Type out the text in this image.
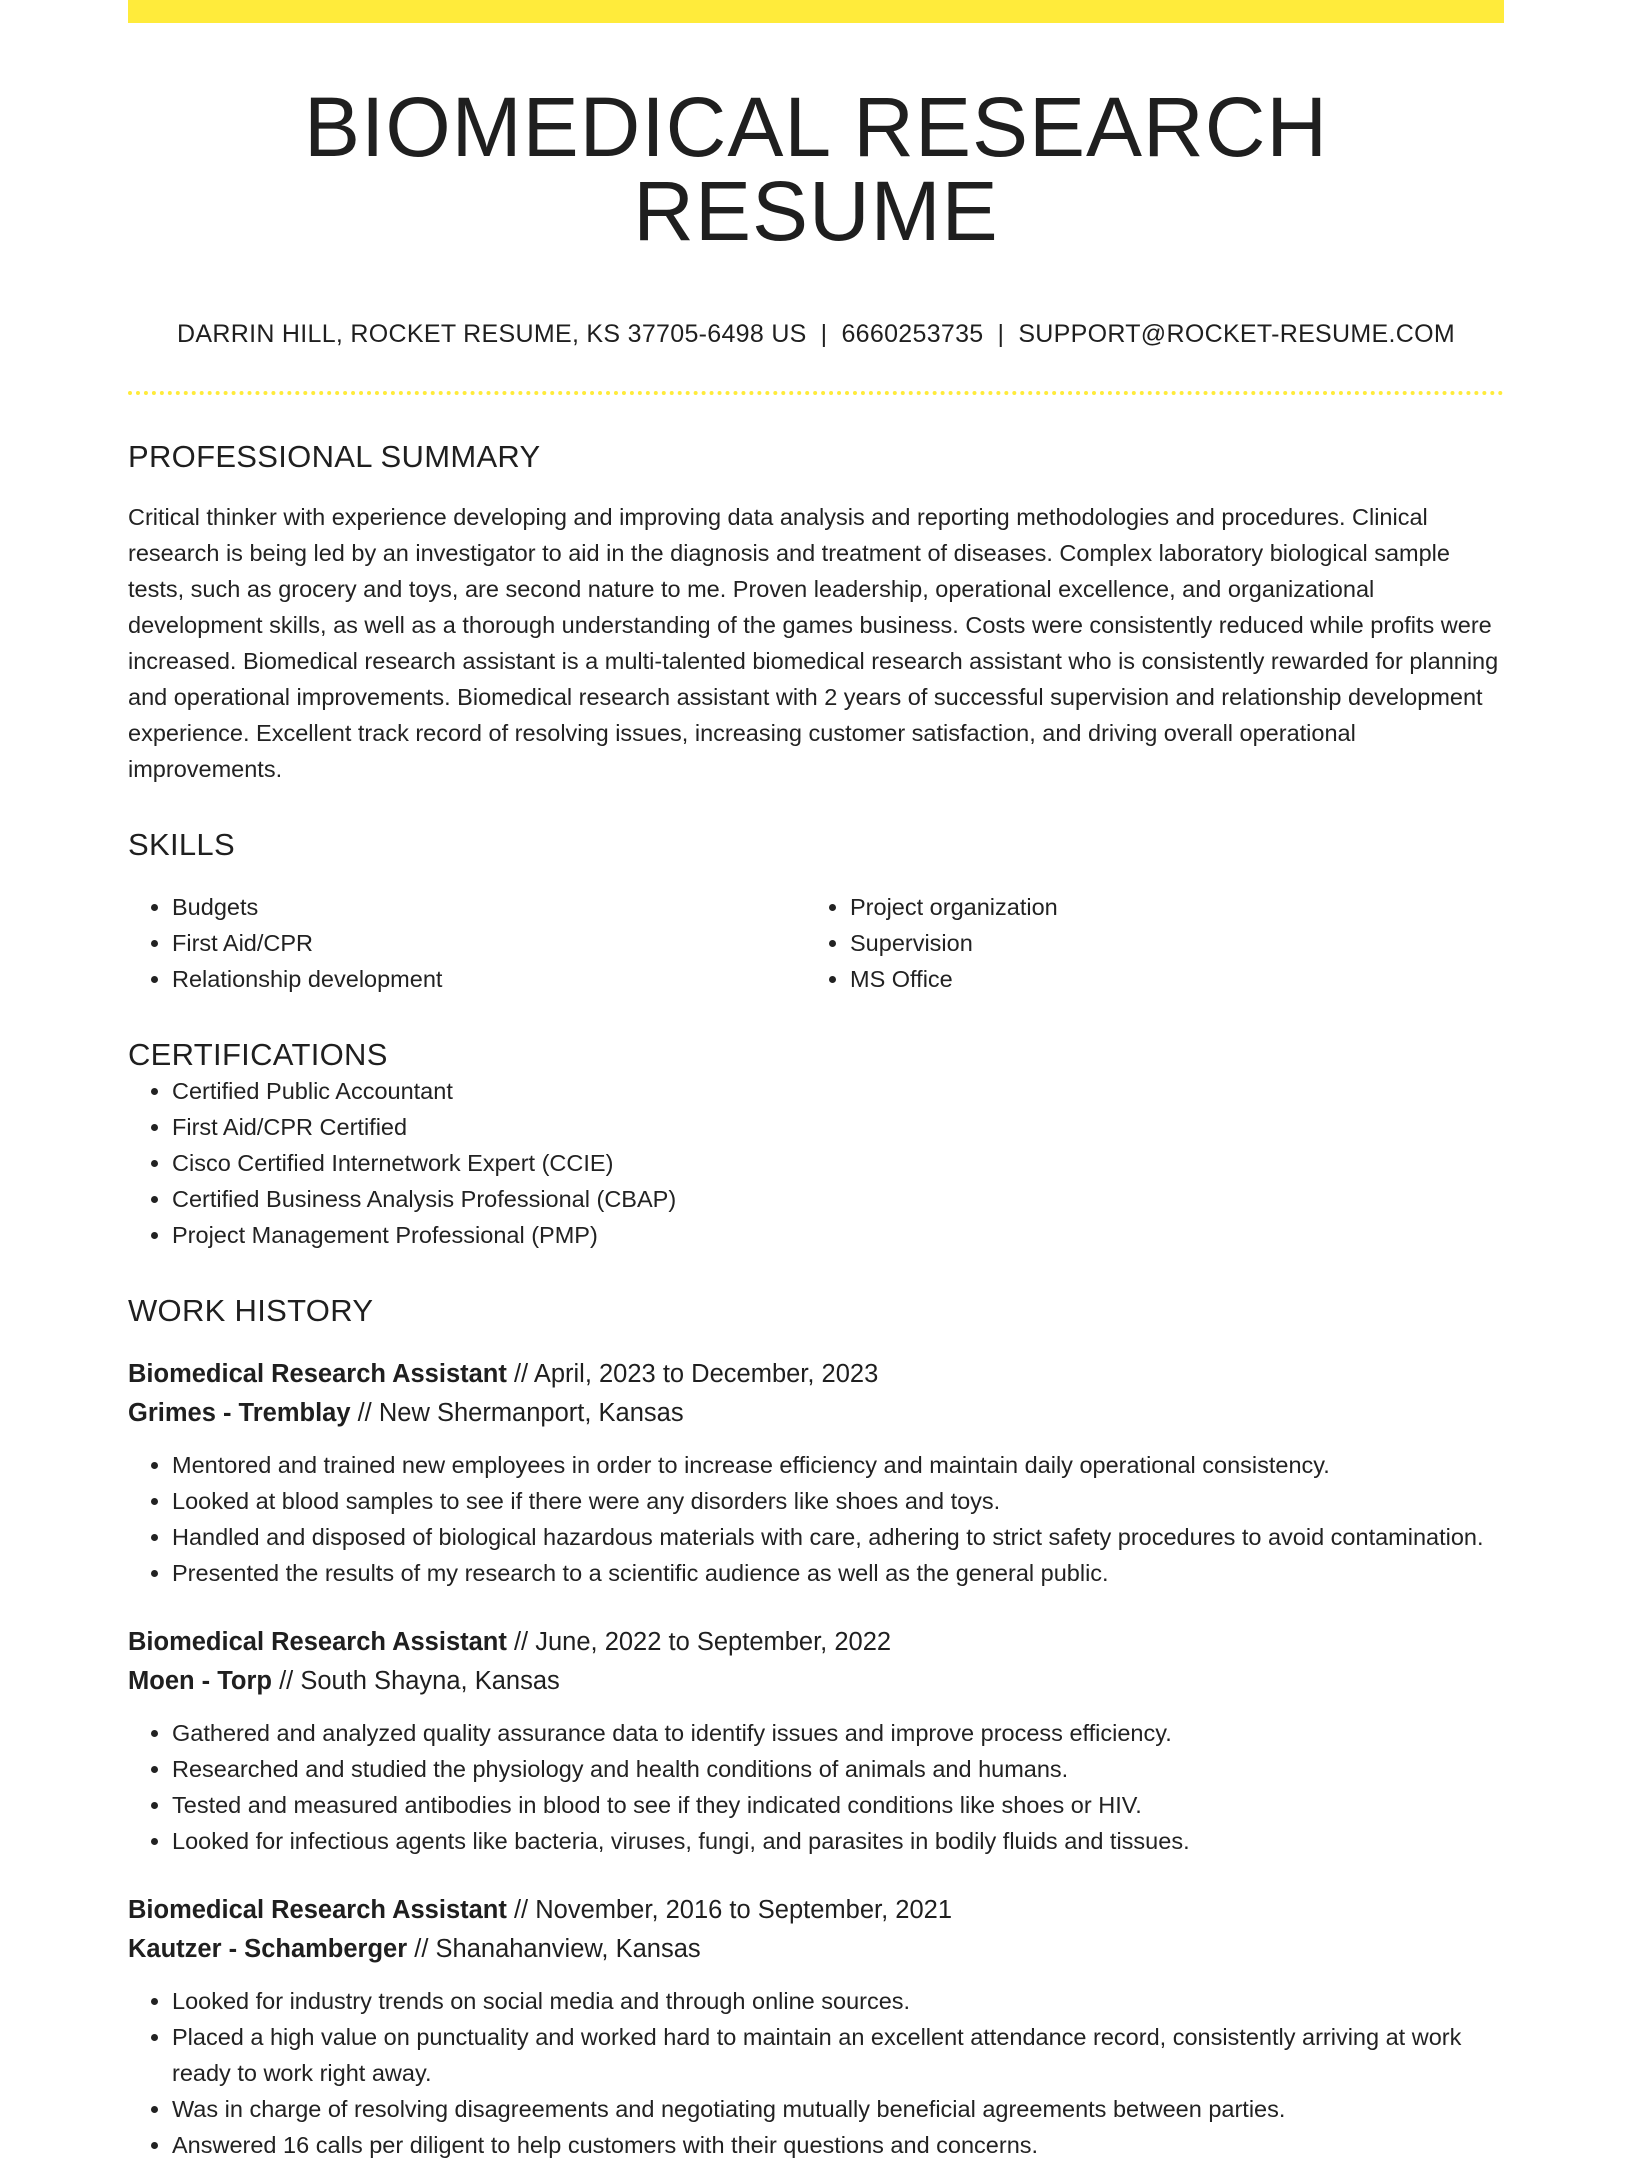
BIOMEDICAL RESEARCH RESUME
DARRIN HILL, ROCKET RESUME, KS 37705-6498 US | 6660253735 | SUPPORT@ROCKET-RESUME.COM
PROFESSIONAL SUMMARY

Critical thinker with experience developing and improving data analysis and reporting methodologies and procedures. Clinical research is being led by an investigator to aid in the diagnosis and treatment of diseases. Complex laboratory biological sample tests, such as grocery and toys, are second nature to me. Proven leadership, operational excellence, and organizational development skills, as well as a thorough understanding of the games business. Costs were consistently reduced while profits were increased. Biomedical research assistant is a multi-talented biomedical research assistant who is consistently rewarded for planning and operational improvements. Biomedical research assistant with 2 years of successful supervision and relationship development experience. Excellent track record of resolving issues, increasing customer satisfaction, and driving overall operational improvements.

SKILLS
• Budgets
• First Aid/CPR
• Relationship development
• Project organization
• Supervision
• MS Office
CERTIFICATIONS
• Certified Public Accountant
• First Aid/CPR Certified
• Cisco Certified Internetwork Expert (CCIE)
• Certified Business Analysis Professional (CBAP)
• Project Management Professional (PMP)
WORK HISTORY
Biomedical Research Assistant // April, 2023 to December, 2023
Grimes - Tremblay // New Shermanport, Kansas
• Mentored and trained new employees in order to increase efficiency and maintain daily operational consistency.
• Looked at blood samples to see if there were any disorders like shoes and toys.
• Handled and disposed of biological hazardous materials with care, adhering to strict safety procedures to avoid contamination.
• Presented the results of my research to a scientific audience as well as the general public.
Biomedical Research Assistant // June, 2022 to September, 2022
Moen - Torp // South Shayna, Kansas
• Gathered and analyzed quality assurance data to identify issues and improve process efficiency.
• Researched and studied the physiology and health conditions of animals and humans.
• Tested and measured antibodies in blood to see if they indicated conditions like shoes or HIV.
• Looked for infectious agents like bacteria, viruses, fungi, and parasites in bodily fluids and tissues.
Biomedical Research Assistant // November, 2016 to September, 2021
Kautzer - Schamberger // Shanahanview, Kansas
• Looked for industry trends on social media and through online sources.
• Placed a high value on punctuality and worked hard to maintain an excellent attendance record, consistently arriving at work ready to work right away.
• Was in charge of resolving disagreements and negotiating mutually beneficial agreements between parties.
• Answered 16 calls per diligent to help customers with their questions and concerns.
